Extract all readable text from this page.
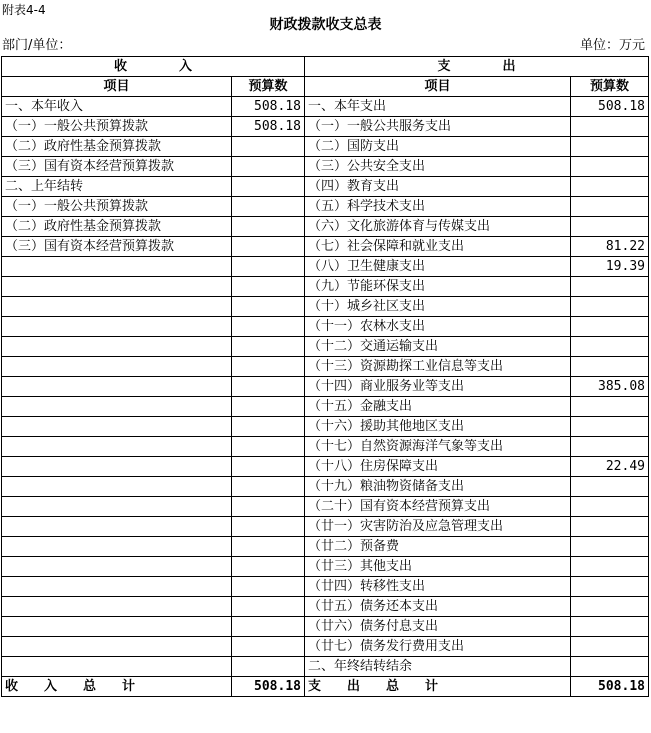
附表4-4
财政拨款收支总表
部门/单位：	单位：万元
收 入		支 出	
项目	预算数	项目	预算数
一、本年收入	508.18	一、本年支出	508.18
（一）一般公共预算拨款	508.18	（一）一般公共服务支出	
（二）政府性基金预算拨款		（二）国防支出	
（三）国有资本经营预算拨款		（三）公共安全支出	
二、上年结转		（四）教育支出	
（一）一般公共预算拨款		（五）科学技术支出	
（二）政府性基金预算拨款		（六）文化旅游体育与传媒支出	
（三）国有资本经营预算拨款		（七）社会保障和就业支出	81.22
		（八）卫生健康支出	19.39
		（九）节能环保支出	
		（十）城乡社区支出	
		（十一）农林水支出	
		（十二）交通运输支出	
		（十三）资源勘探工业信息等支出	
		（十四）商业服务业等支出	385.08
		（十五）金融支出	
		（十六）援助其他地区支出	
		（十七）自然资源海洋气象等支出	
		（十八）住房保障支出	22.49
		（十九）粮油物资储备支出	
		（二十）国有资本经营预算支出	
		（廿一）灾害防治及应急管理支出	
		（廿二）预备费	
		（廿三）其他支出	
		（廿四）转移性支出	
		（廿五）债务还本支出	
		（廿六）债务付息支出	
		（廿七）债务发行费用支出	
		二、年终结转结余	
收 入 总 计	508.18	支 出 总 计	508.18
